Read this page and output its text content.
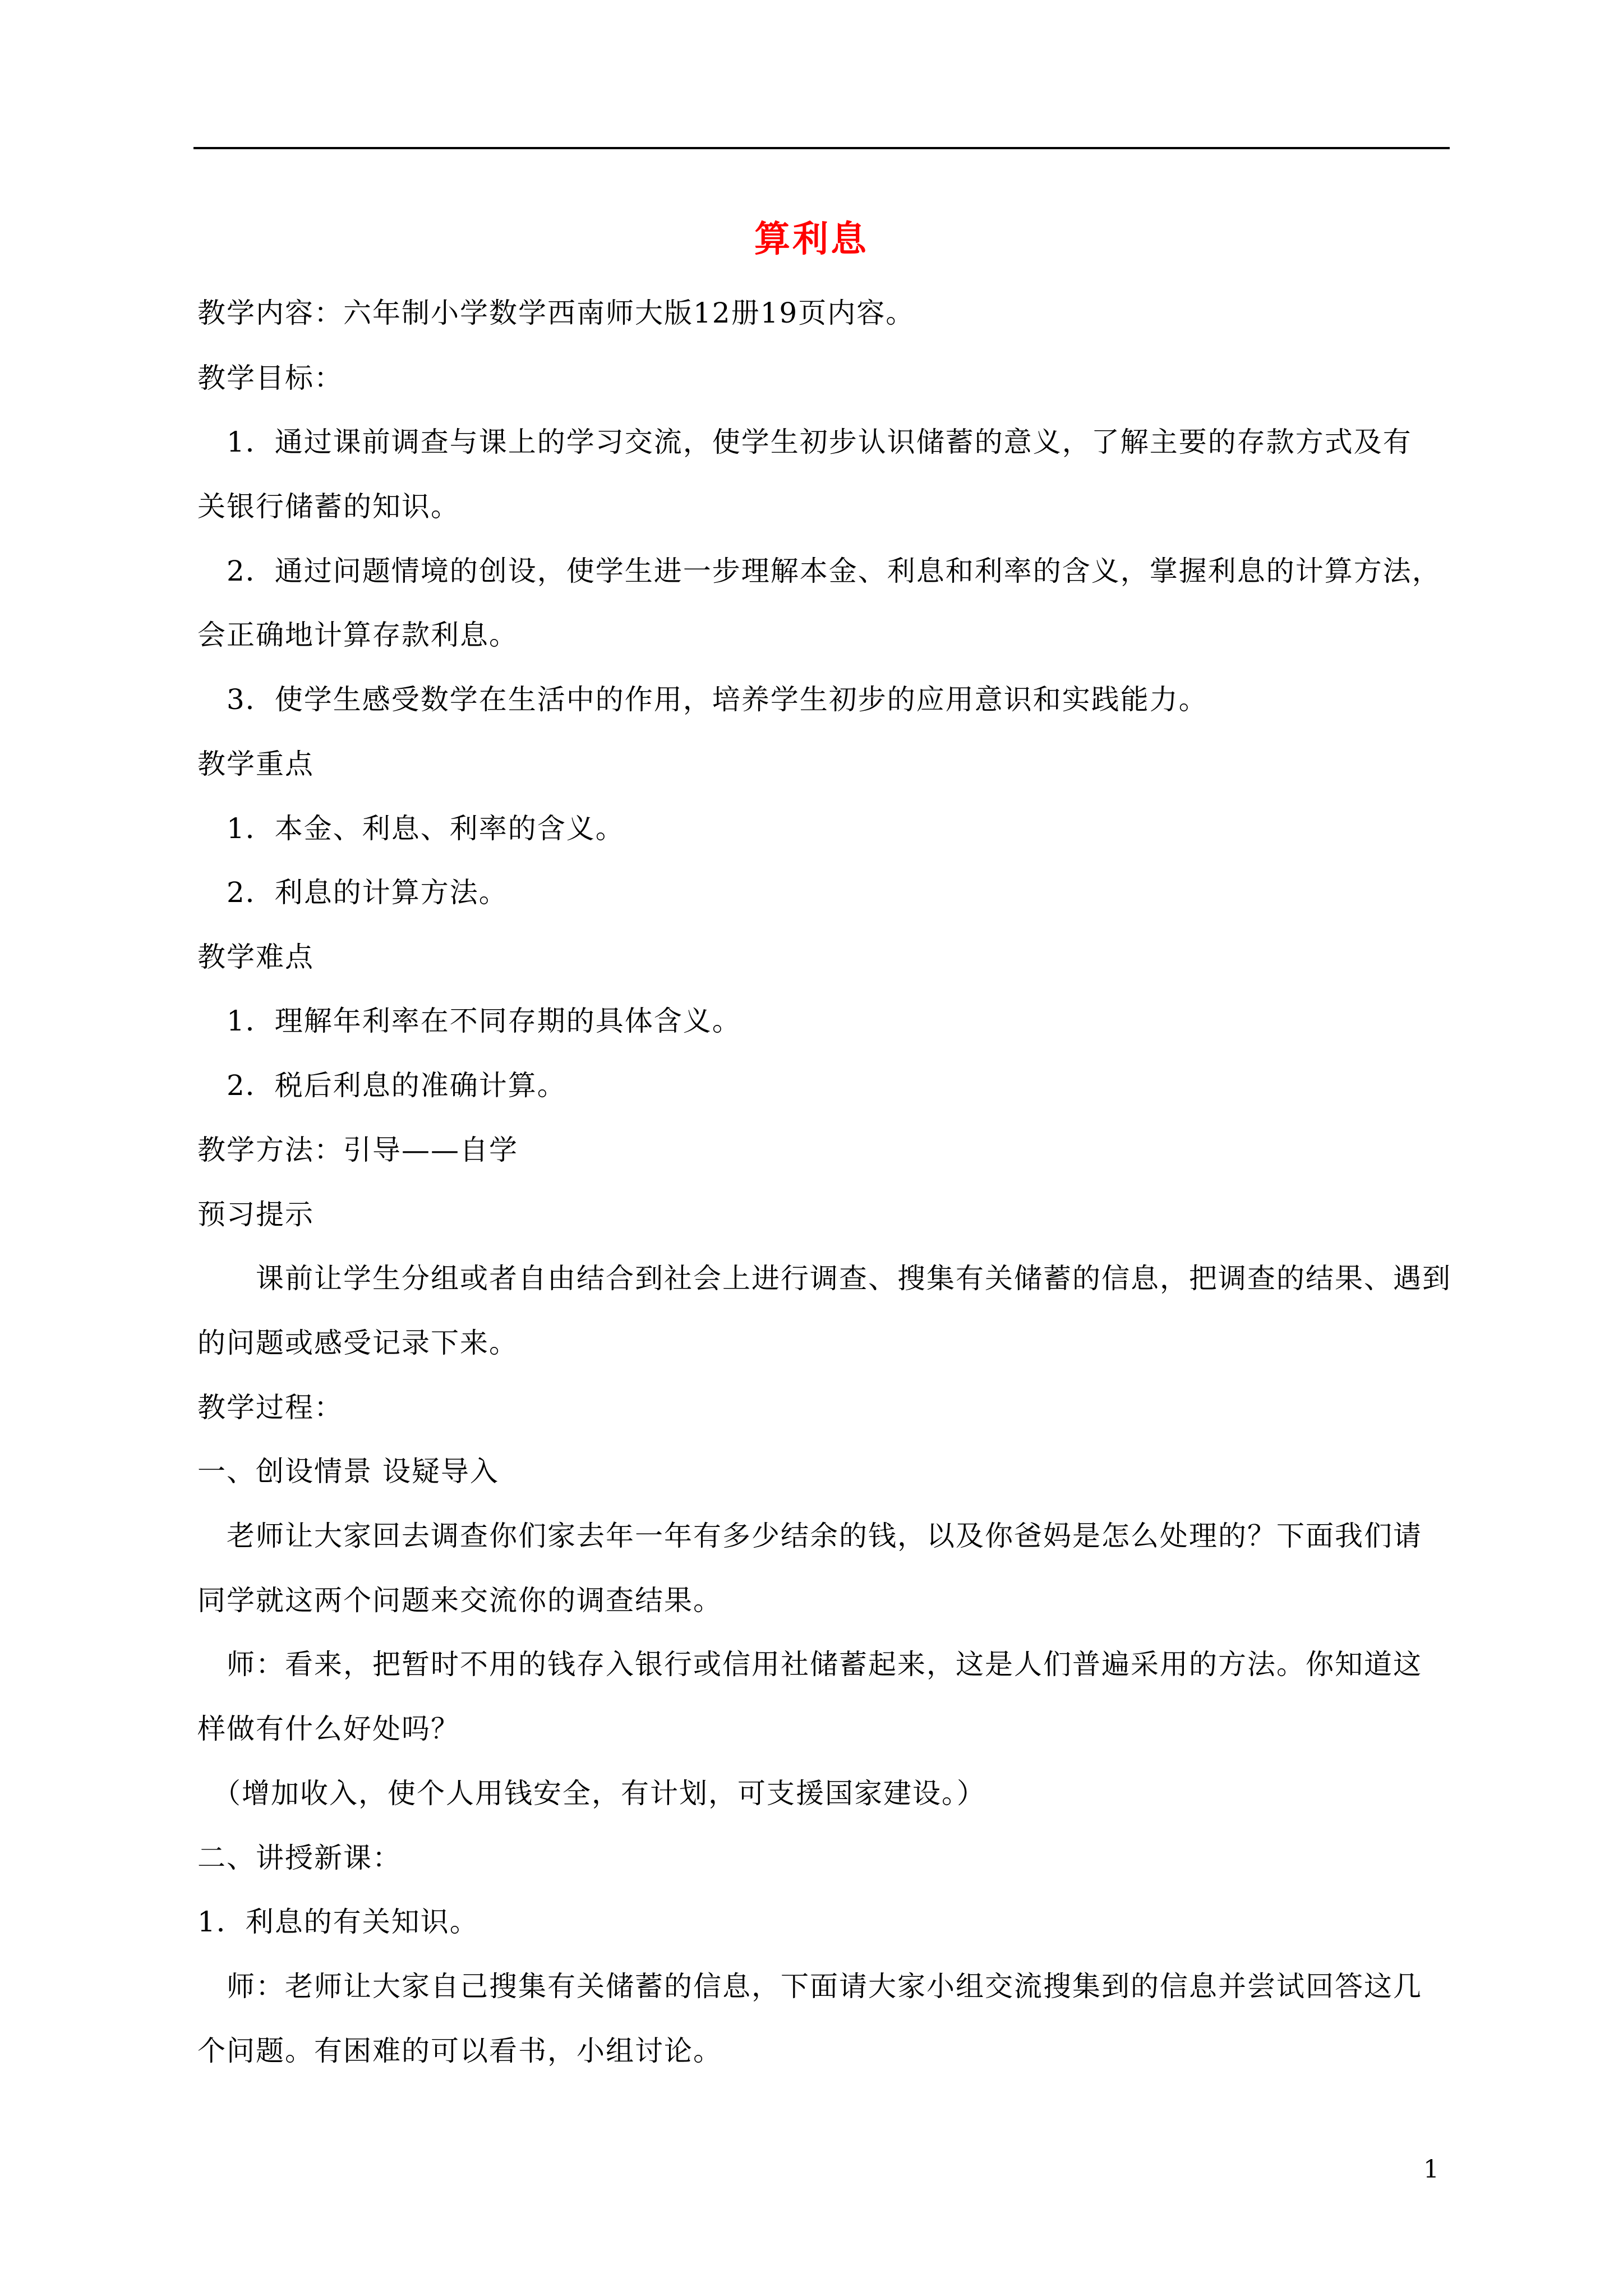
算利息
教学内容：六年制小学数学西南师大版12册19页内容。
教学目标：
　1．通过课前调查与课上的学习交流，使学生初步认识储蓄的意义，了解主要的存款方式及有
关银行储蓄的知识。
　2．通过问题情境的创设，使学生进一步理解本金、利息和利率的含义，掌握利息的计算方法，
会正确地计算存款利息。
　3．使学生感受数学在生活中的作用，培养学生初步的应用意识和实践能力。
教学重点
　1．本金、利息、利率的含义。
　2．利息的计算方法。
教学难点
　1．理解年利率在不同存期的具体含义。
　2．税后利息的准确计算。
教学方法：引导——自学
预习提示
　　课前让学生分组或者自由结合到社会上进行调查、搜集有关储蓄的信息，把调查的结果、遇到
的问题或感受记录下来。
教学过程：
一、创设情景 设疑导入
　老师让大家回去调查你们家去年一年有多少结余的钱，以及你爸妈是怎么处理的？下面我们请
同学就这两个问题来交流你的调查结果。
　师：看来，把暂时不用的钱存入银行或信用社储蓄起来，这是人们普遍采用的方法。你知道这
样做有什么好处吗？
　（增加收入，使个人用钱安全，有计划，可支援国家建设。）
二、讲授新课：
1．利息的有关知识。
　师：老师让大家自己搜集有关储蓄的信息，下面请大家小组交流搜集到的信息并尝试回答这几
个问题。有困难的可以看书，小组讨论。
1
